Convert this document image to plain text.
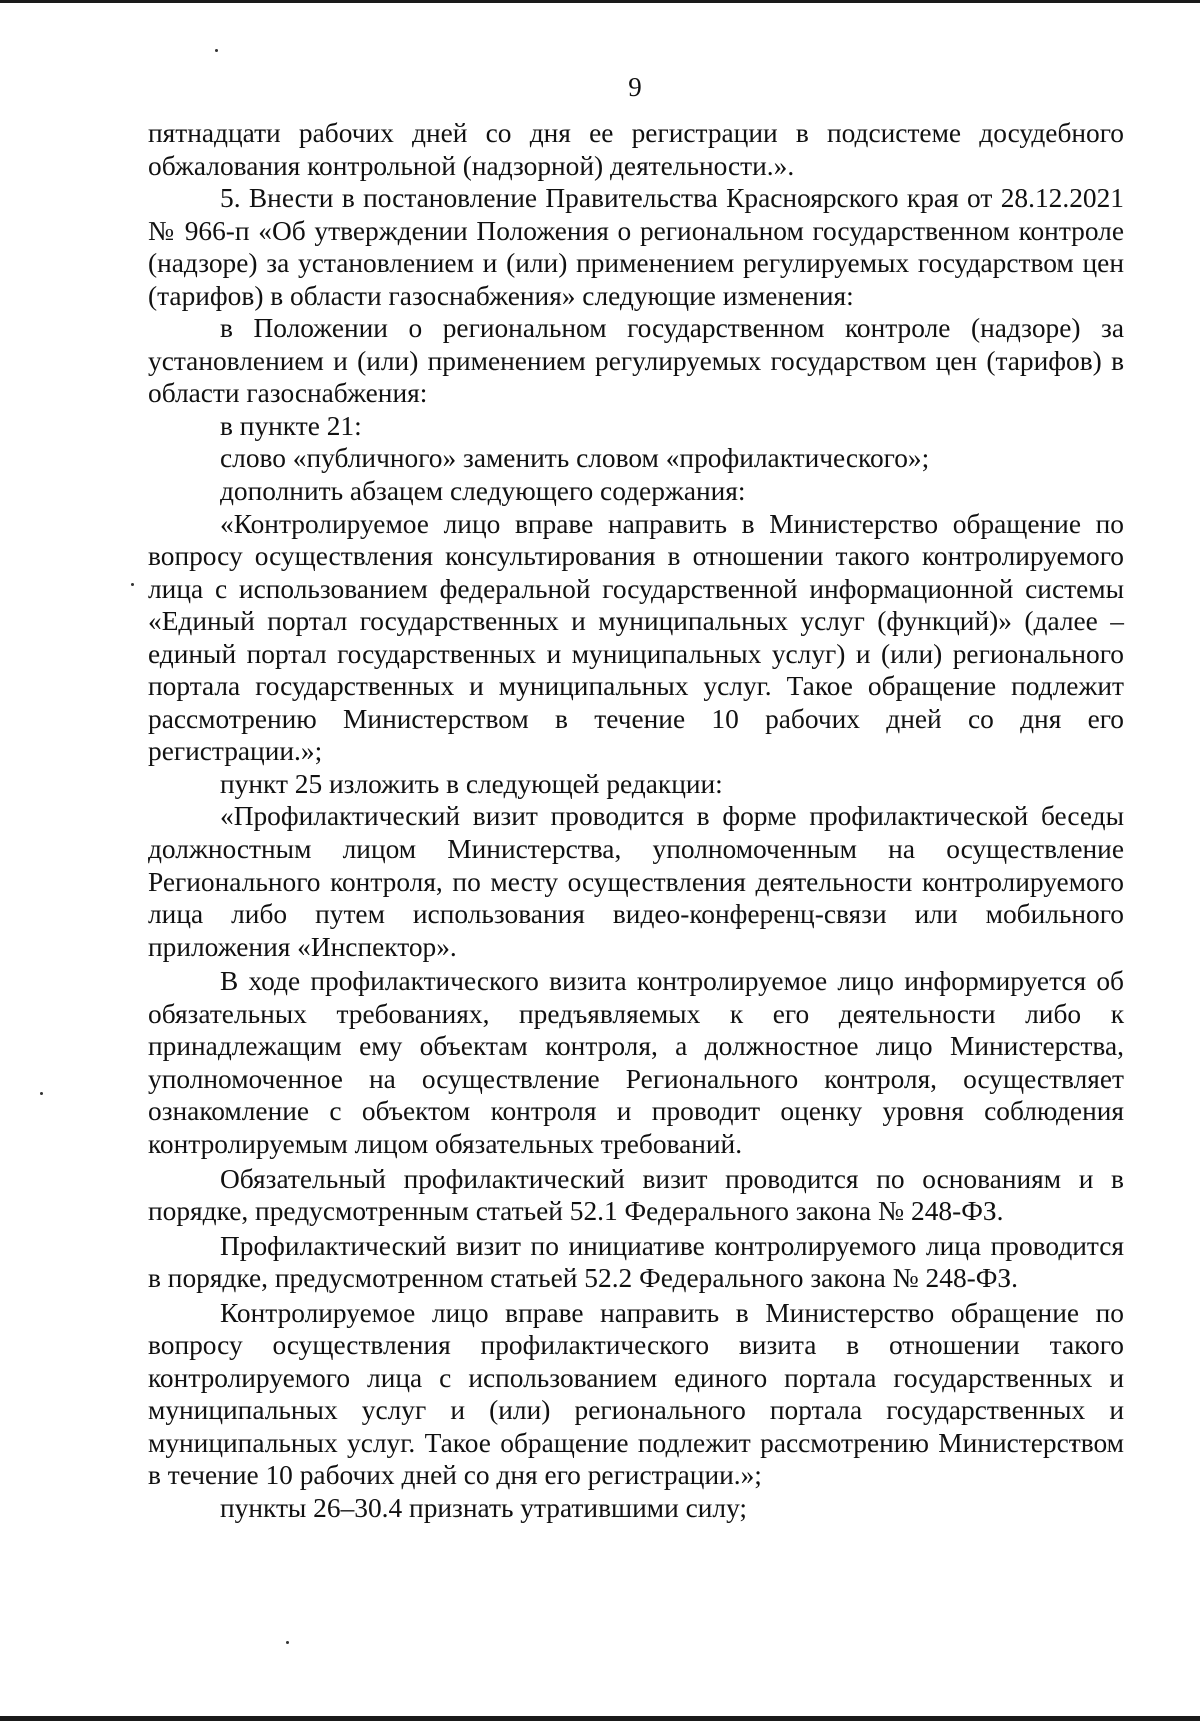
9

пятнадцати рабочих дней со дня ее регистрации в подсистеме досудебного обжалования контрольной (надзорной) деятельности.».

5. Внести в постановление Правительства Красноярского края от 28.12.2021 № 966-п «Об утверждении Положения о региональном государственном контроле (надзоре) за установлением и (или) применением регулируемых государством цен (тарифов) в области газоснабжения» следующие изменения:

в Положении о региональном государственном контроле (надзоре) за установлением и (или) применением регулируемых государством цен (тарифов) в области газоснабжения:

в пункте 21:

слово «публичного» заменить словом «профилактического»;

дополнить абзацем следующего содержания:

«Контролируемое лицо вправе направить в Министерство обращение по вопросу осуществления консультирования в отношении такого контролируемого лица с использованием федеральной государственной информационной системы «Единый портал государственных и муниципальных услуг (функций)» (далее – единый портал государственных и муниципальных услуг) и (или) регионального портала государственных и муниципальных услуг. Такое обращение подлежит рассмотрению Министерством в течение 10 рабочих дней со дня его регистрации.»;

пункт 25 изложить в следующей редакции:

«Профилактический визит проводится в форме профилактической беседы должностным лицом Министерства, уполномоченным на осуществление Регионального контроля, по месту осуществления деятельности контролируемого лица либо путем использования видео-конференц-связи или мобильного приложения «Инспектор».

В ходе профилактического визита контролируемое лицо информируется об обязательных требованиях, предъявляемых к его деятельности либо к принадлежащим ему объектам контроля, а должностное лицо Министерства, уполномоченное на осуществление Регионального контроля, осуществляет ознакомление с объектом контроля и проводит оценку уровня соблюдения контролируемым лицом обязательных требований.

Обязательный профилактический визит проводится по основаниям и в порядке, предусмотренным статьей 52.1 Федерального закона № 248-ФЗ.

Профилактический визит по инициативе контролируемого лица проводится в порядке, предусмотренном статьей 52.2 Федерального закона № 248-ФЗ.

Контролируемое лицо вправе направить в Министерство обращение по вопросу осуществления профилактического визита в отношении такого контролируемого лица с использованием единого портала государственных и муниципальных услуг и (или) регионального портала государственных и муниципальных услуг. Такое обращение подлежит рассмотрению Министерством в течение 10 рабочих дней со дня его регистрации.»;

пункты 26–30.4 признать утратившими силу;
